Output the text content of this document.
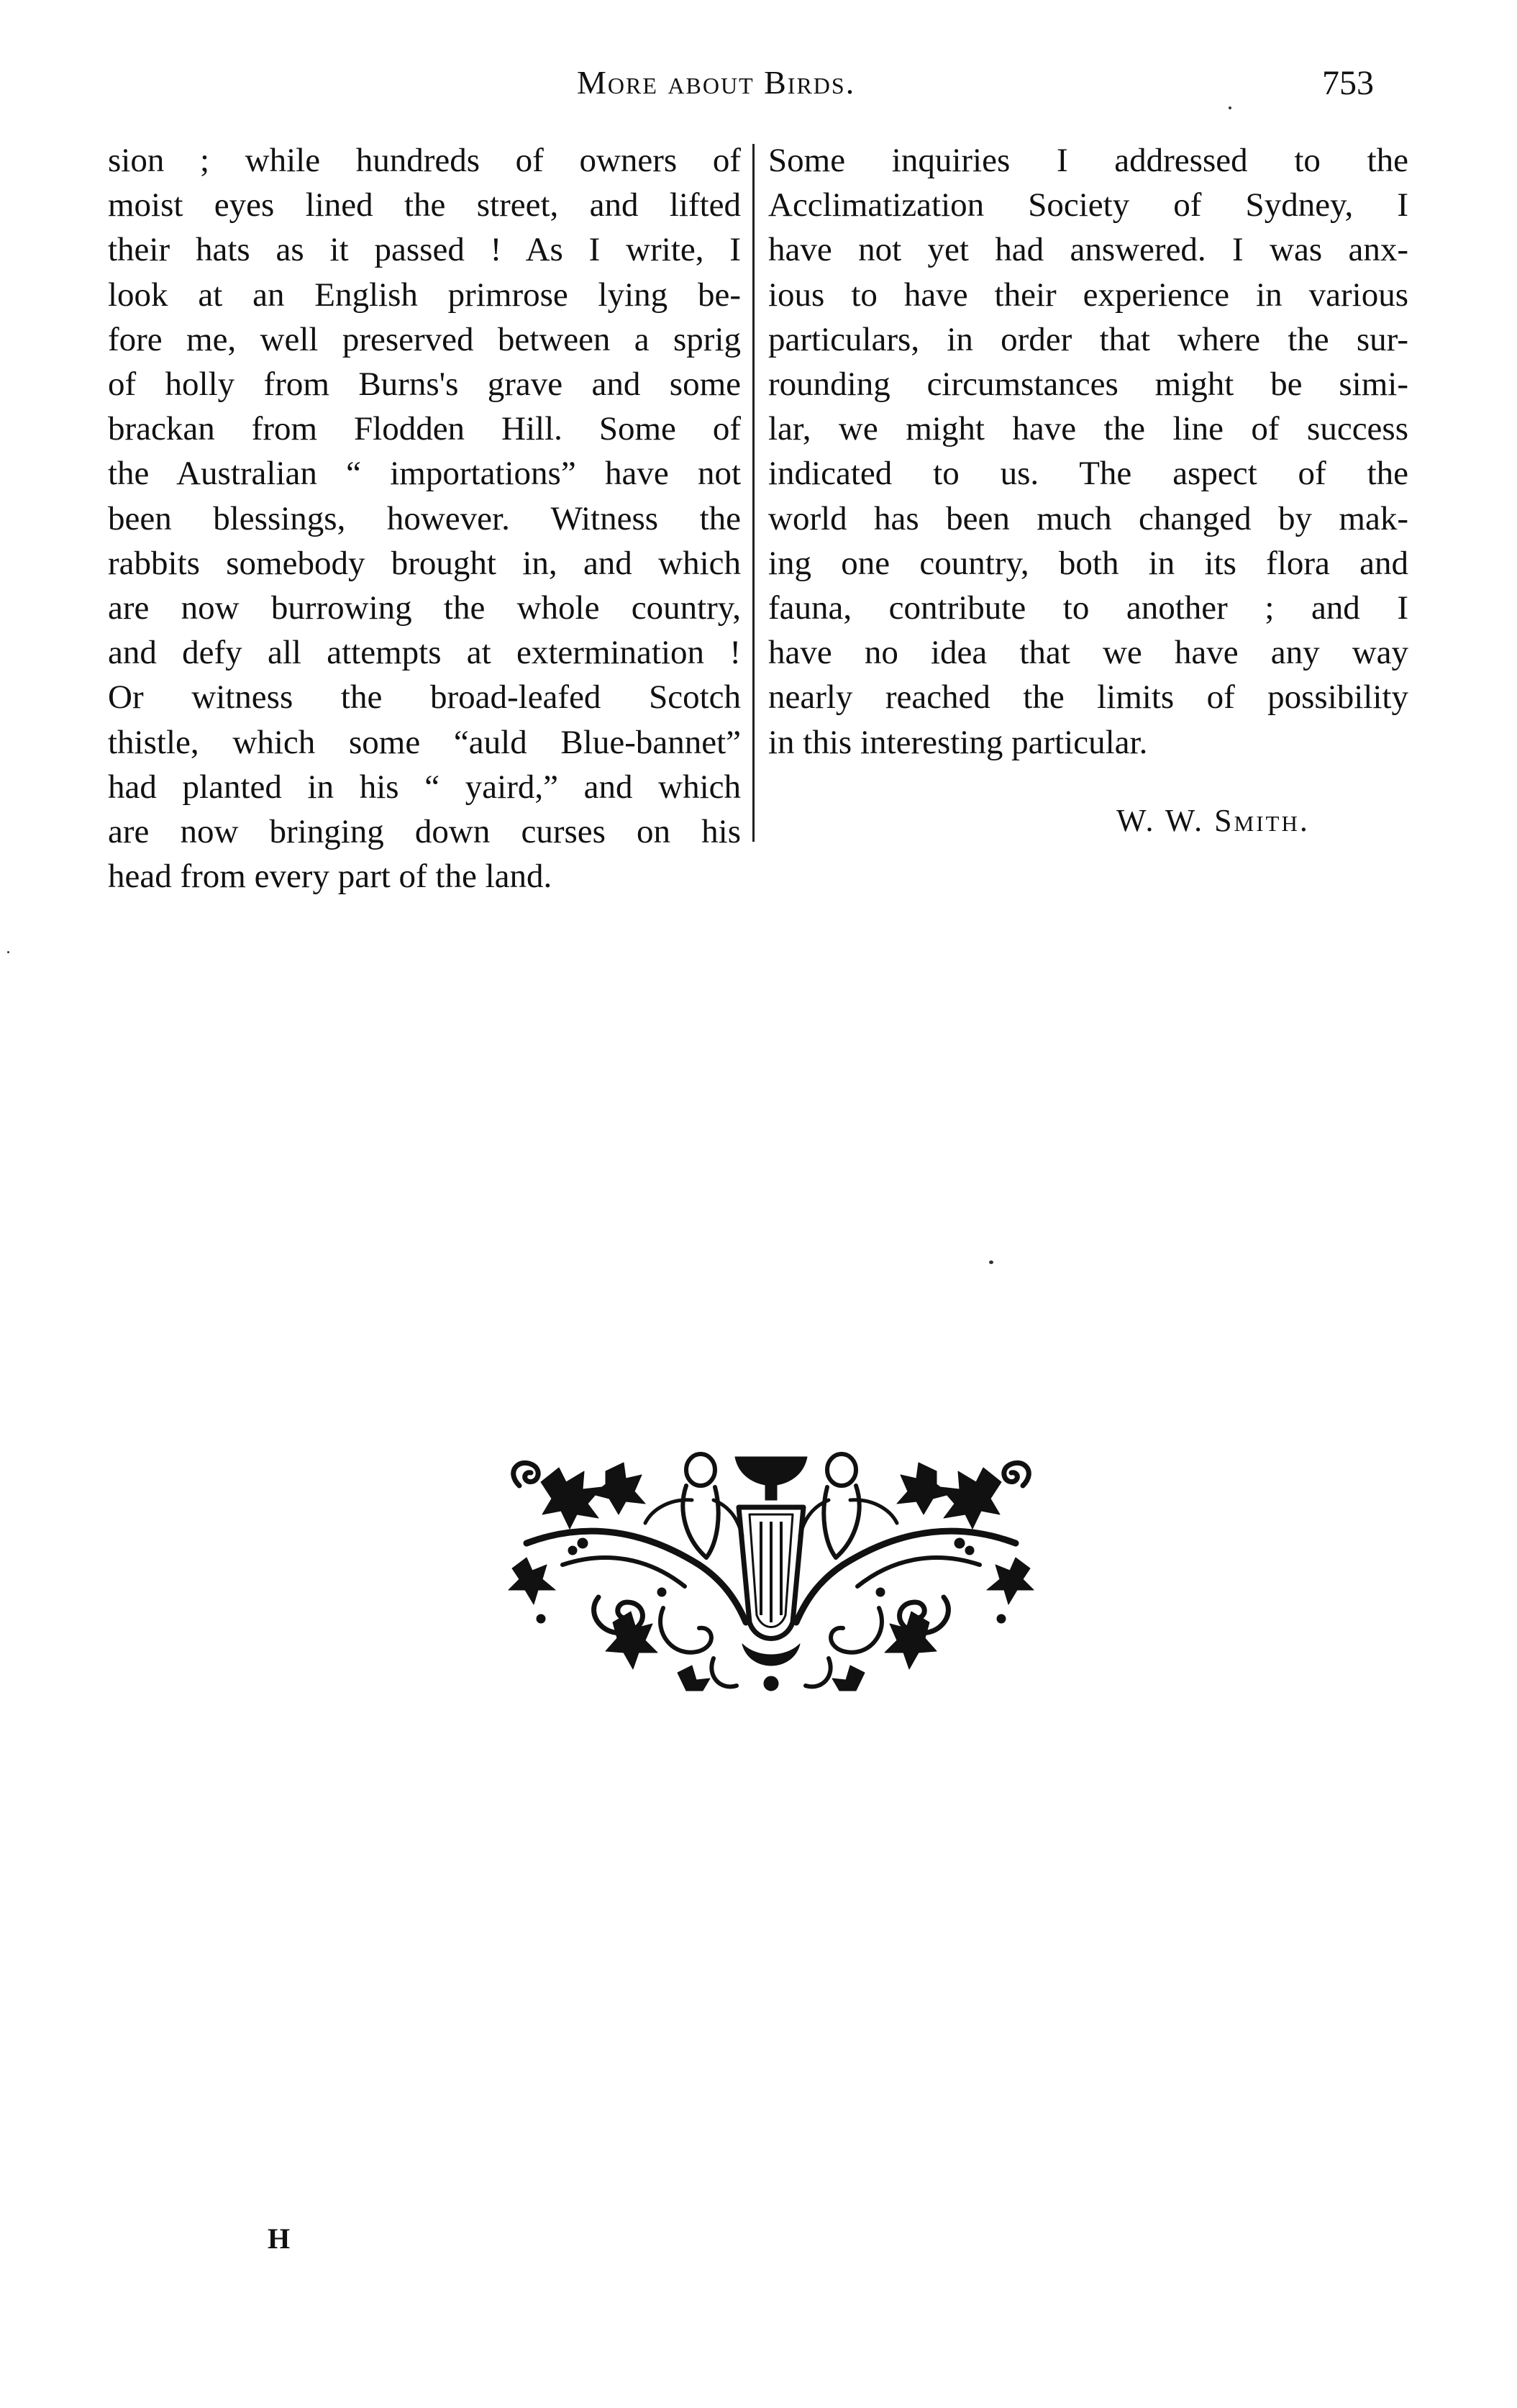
More about Birds.	753
sion ; while hundreds of owners of
moist eyes lined the street, and lifted
their hats as it passed ! As I write, I
look at an English primrose lying be-
fore me, well preserved between a sprig
of holly from Burns's grave and some
brackan from Flodden Hill. Some of
the Australian “ importations” have not
been blessings, however. Witness the
rabbits somebody brought in, and which
are now burrowing the whole country,
and defy all attempts at extermination !
Or witness the broad-leafed Scotch
thistle, which some “auld Blue-bannet”
had planted in his “ yaird,” and which
are now bringing down curses on his
head from every part of the land.
Some inquiries I addressed to the
Acclimatization Society of Sydney, I
have not yet had answered. I was anx-
ious to have their experience in various
particulars, in order that where the sur-
rounding circumstances might be simi-
lar, we might have the line of success
indicated to us. The aspect of the
world has been much changed by mak-
ing one country, both in its flora and
fauna, contribute to another ; and I
have no idea that we have any way
nearly reached the limits of possibility
in this interesting particular.
W. W. Smith.
H
